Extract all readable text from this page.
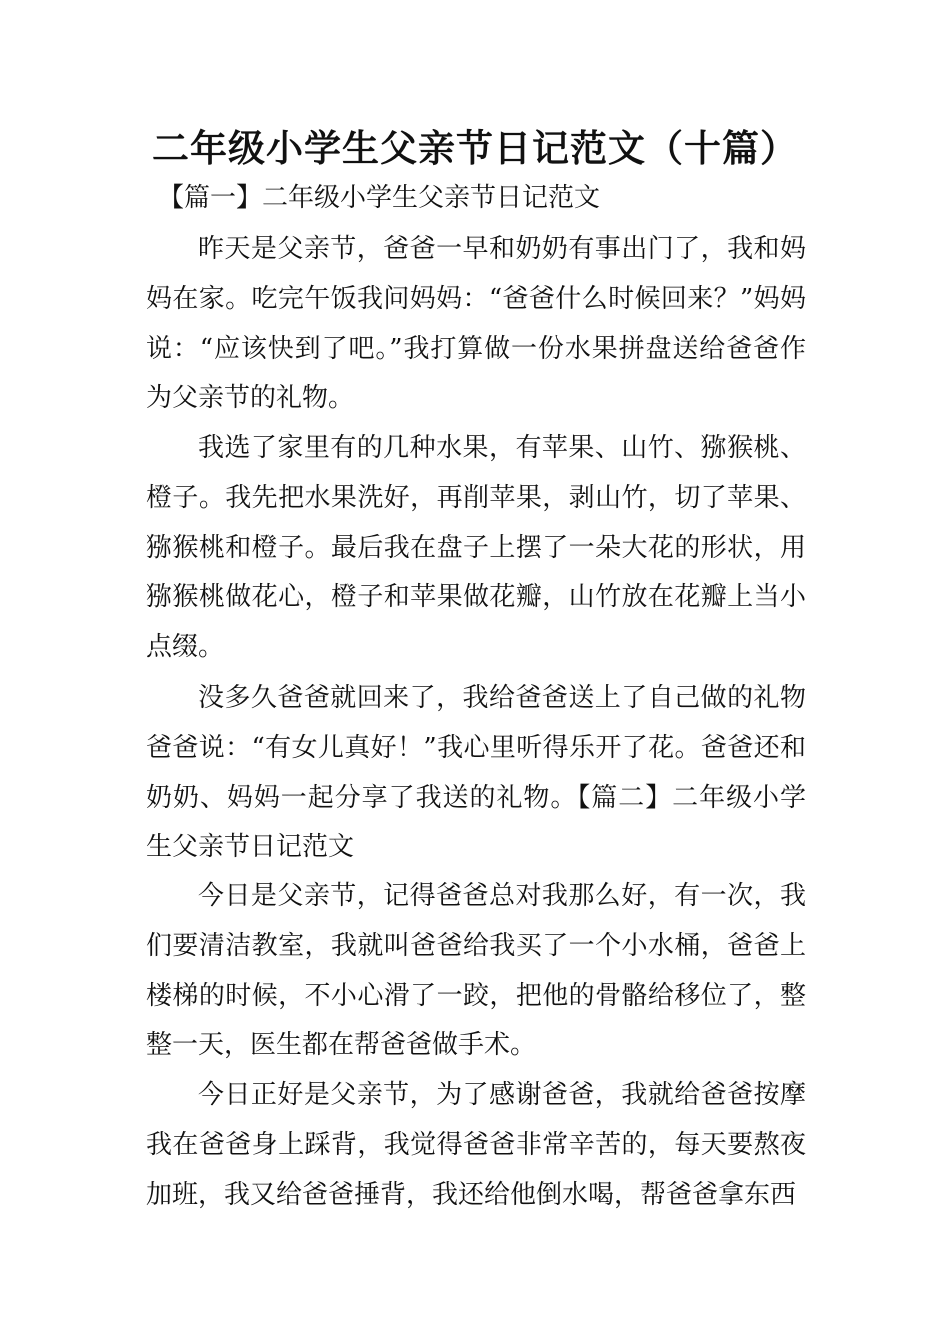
二年级小学生父亲节日记范文（十篇）
【篇一】二年级小学生父亲节日记范文

昨天是父亲节，爸爸一早和奶奶有事出门了，我和妈妈在家。吃完午饭我问妈妈：“爸爸什么时候回来？”妈妈说：“应该快到了吧。”我打算做一份水果拼盘送给爸爸作为父亲节的礼物。

我选了家里有的几种水果，有苹果、山竹、猕猴桃、橙子。我先把水果洗好，再削苹果，剥山竹，切了苹果、猕猴桃和橙子。最后我在盘子上摆了一朵大花的形状，用猕猴桃做花心，橙子和苹果做花瓣，山竹放在花瓣上当小点缀。

没多久爸爸就回来了，我给爸爸送上了自己做的礼物爸爸说：“有女儿真好！”我心里听得乐开了花。爸爸还和奶奶、妈妈一起分享了我送的礼物。【篇二】二年级小学生父亲节日记范文

今日是父亲节，记得爸爸总对我那么好，有一次，我们要清洁教室，我就叫爸爸给我买了一个小水桶，爸爸上楼梯的时候，不小心滑了一跤，把他的骨骼给移位了，整整一天，医生都在帮爸爸做手术。

今日正好是父亲节，为了感谢爸爸，我就给爸爸按摩我在爸爸身上踩背，我觉得爸爸非常辛苦的，每天要熬夜加班，我又给爸爸捶背，我还给他倒水喝，帮爸爸拿东西
